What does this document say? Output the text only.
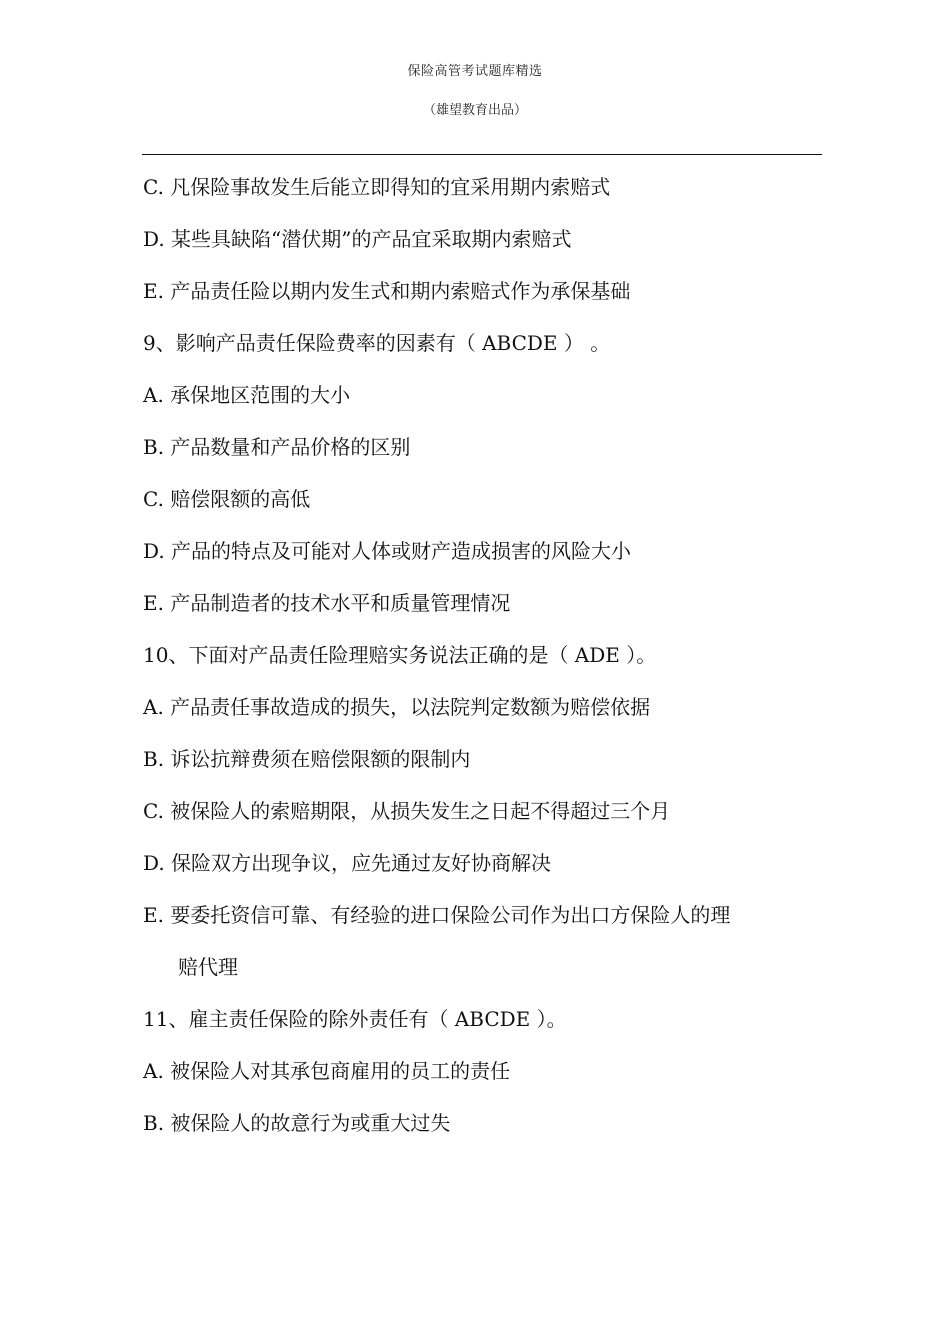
保险高管考试题库精选
（雄望教育出品）
C. 凡保险事故发生后能立即得知的宜采用期内索赔式
D. 某些具缺陷“潜伏期”的产品宜采取期内索赔式
E. 产品责任险以期内发生式和期内索赔式作为承保基础
9、影响产品责任保险费率的因素有（ ABCDE ） 。
A. 承保地区范围的大小
B. 产品数量和产品价格的区别
C. 赔偿限额的高低
D. 产品的特点及可能对人体或财产造成损害的风险大小
E. 产品制造者的技术水平和质量管理情况
10、下面对产品责任险理赔实务说法正确的是（ ADE ）。
A. 产品责任事故造成的损失，以法院判定数额为赔偿依据
B. 诉讼抗辩费须在赔偿限额的限制内
C. 被保险人的索赔期限，从损失发生之日起不得超过三个月
D. 保险双方出现争议，应先通过友好协商解决
E. 要委托资信可靠、有经验的进口保险公司作为出口方保险人的理
赔代理
11、雇主责任保险的除外责任有（ ABCDE ）。
A. 被保险人对其承包商雇用的员工的责任
B. 被保险人的故意行为或重大过失
